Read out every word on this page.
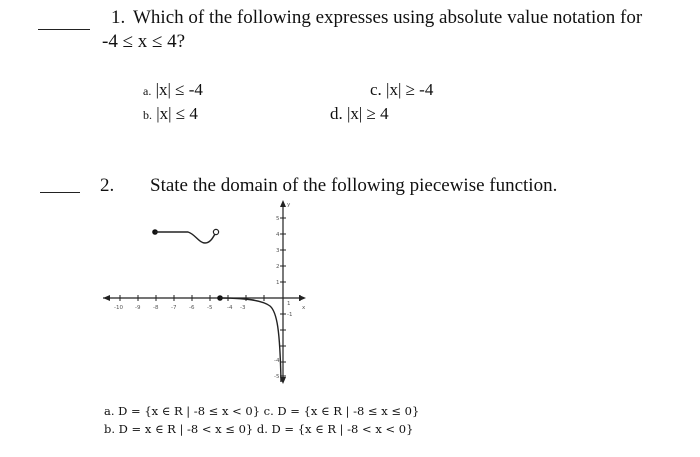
1. Which of the following expresses using absolute value notation for
-4 ≤ x ≤ 4?
a. |x| ≤ -4
b. |x| ≤ 4
c. |x| ≥ -4
d. |x| ≥ 4
2. State the domain of the following piecewise function.
-10 -9 -8 -7 -6 -5	-4 -3
1
x
y
5
4
3
2
1
-1
-4
-5
a. D = {x ∈ R | -8 ≤ x < 0} c. D = {x ∈ R | -8 ≤ x ≤ 0}
b. D = x ∈ R | -8 < x ≤ 0} d. D = {x ∈ R | -8 < x < 0}
